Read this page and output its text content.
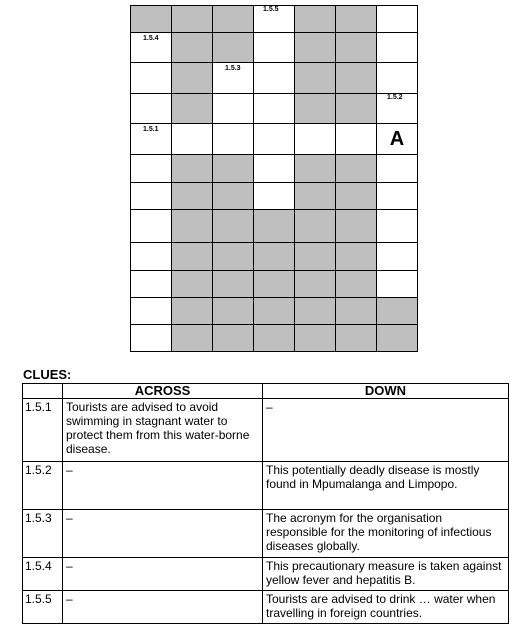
			1.5.5			

1.5.4						

		1.5.3				

						1.5.2

1.5.1						A

CLUES:
	ACROSS	DOWN
1.5.1	Tourists are advised to avoid swimming in stagnant water to protect them from this water-borne disease.	–
1.5.2	–	This potentially deadly disease is mostly found in Mpumalanga and Limpopo.
1.5.3	–	The acronym for the organisation responsible for the monitoring of infectious diseases globally.
1.5.4	–	This precautionary measure is taken against yellow fever and hepatitis B.
1.5.5	–	Tourists are advised to drink … water when travelling in foreign countries.
